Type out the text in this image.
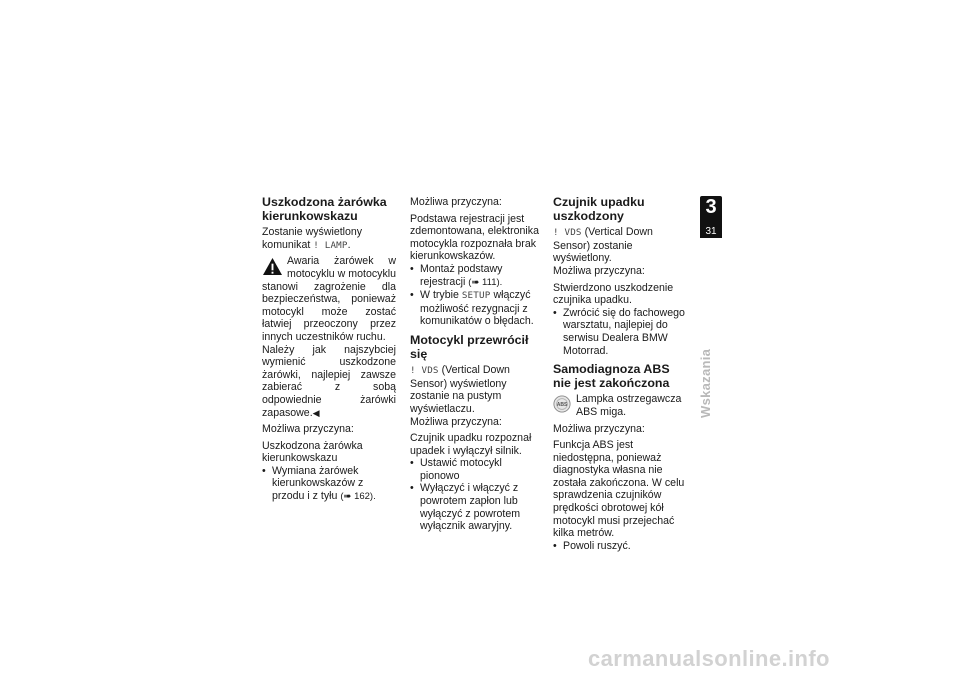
Uszkodzona żarówka kierunkowskazu

Zostanie wyświetlony komunikat ! LAMP.

Awaria żarówek w motocyklu w motocyklu stanowi zagrożenie dla bezpieczeństwa, ponieważ motocykl może zostać łatwiej przeoczony przez innych uczestników ruchu.

Należy jak najszybciej wymienić uszkodzone żarówki, najlepiej zawsze zabierać z sobą odpowiednie żarówki zapasowe.◀

Możliwa przyczyna:

Uszkodzona żarówka kierunkowskazu

• Wymiana żarówek kierunkowskazów z przodu i z tyłu (➠ 162).

Możliwa przyczyna:

Podstawa rejestracji jest zdemontowana, elektronika motocykla rozpoznała brak kierunkowskazów.

• Montaż podstawy rejestracji (➠ 111).
• W trybie SETUP włączyć możliwość rezygnacji z komunikatów o błędach.
Motocykl przewrócił się

! VDS (Vertical Down Sensor) wyświetlony zostanie na pustym wyświetlaczu.

Możliwa przyczyna:

Czujnik upadku rozpoznał upadek i wyłączył silnik.

• Ustawić motocykl pionowo
• Wyłączyć i włączyć z powrotem zapłon lub wyłączyć z powrotem wyłącznik awaryjny.
Czujnik upadku uszkodzony

! VDS (Vertical Down Sensor) zostanie wyświetlony.

Możliwa przyczyna:

Stwierdzono uszkodzenie czujnika upadku.

• Zwrócić się do fachowego warsztatu, najlepiej do serwisu Dealera BMW Motorrad.
Samodiagnoza ABS nie jest zakończona
ABS
Lampka ostrzegawcza ABS miga.

Możliwa przyczyna:

Funkcja ABS jest niedostępna, ponieważ diagnostyka własna nie została zakończona. W celu sprawdzenia czujników prędkości obrotowej kół motocykl musi przejechać kilka metrów.

• Powoli ruszyć.
3
31
Wskazania
carmanualsonline.info
